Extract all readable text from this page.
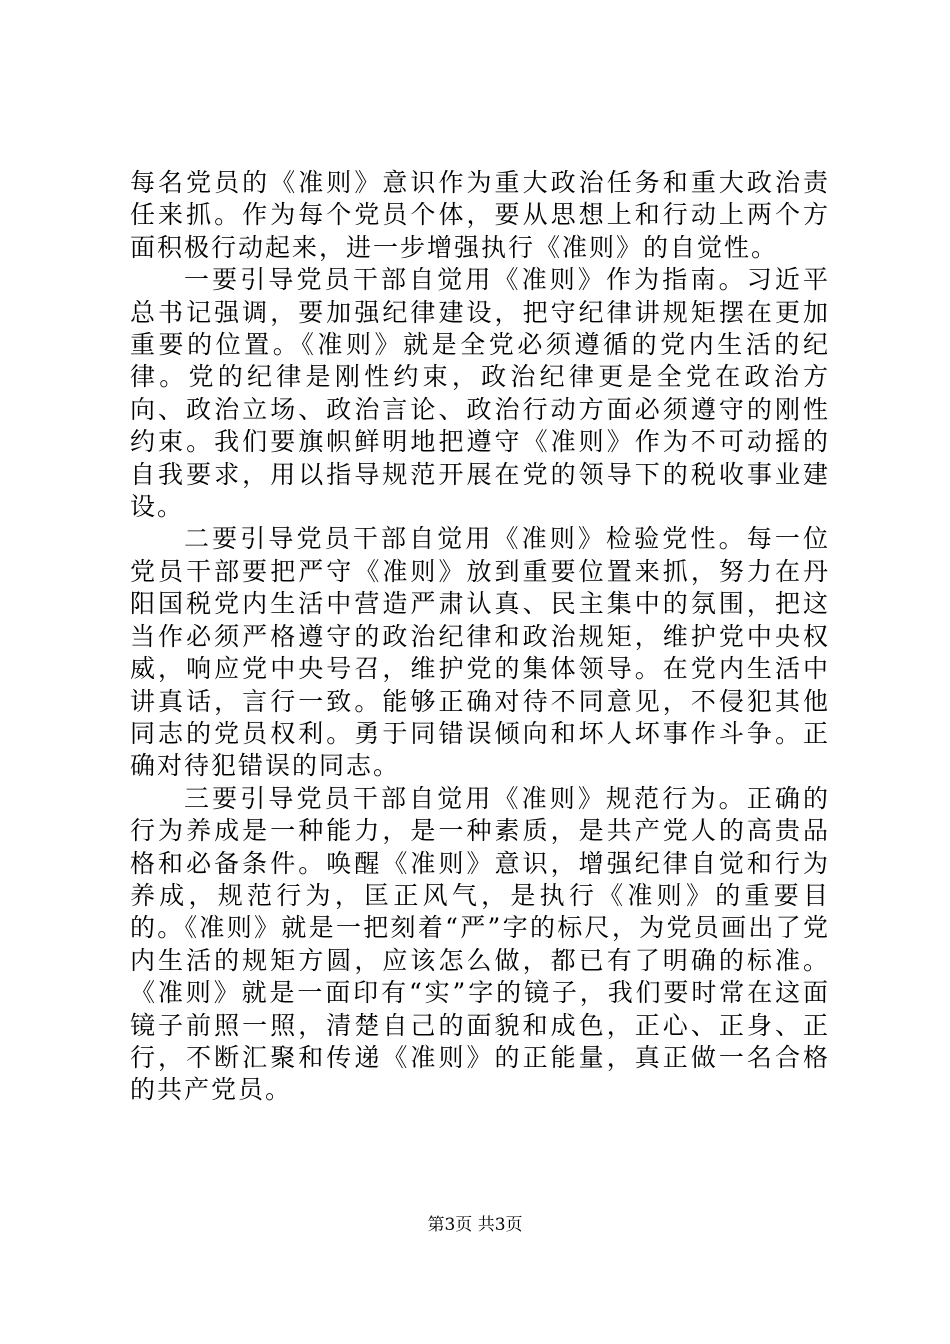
每名党员的《准则》意识作为重大政治任务和重大政治责任来抓。作为每个党员个体，要从思想上和行动上两个方面积极行动起来，进一步增强执行《准则》的自觉性。

一要引导党员干部自觉用《准则》作为指南。习近平总书记强调，要加强纪律建设，把守纪律讲规矩摆在更加重要的位置。《准则》就是全党必须遵循的党内生活的纪律。党的纪律是刚性约束，政治纪律更是全党在政治方向、政治立场、政治言论、政治行动方面必须遵守的刚性约束。我们要旗帜鲜明地把遵守《准则》作为不可动摇的自我要求，用以指导规范开展在党的领导下的税收事业建设。

二要引导党员干部自觉用《准则》检验党性。每一位党员干部要把严守《准则》放到重要位置来抓，努力在丹阳国税党内生活中营造严肃认真、民主集中的氛围，把这当作必须严格遵守的政治纪律和政治规矩，维护党中央权威，响应党中央号召，维护党的集体领导。在党内生活中讲真话，言行一致。能够正确对待不同意见，不侵犯其他同志的党员权利。勇于同错误倾向和坏人坏事作斗争。正确对待犯错误的同志。

三要引导党员干部自觉用《准则》规范行为。正确的行为养成是一种能力，是一种素质，是共产党人的高贵品格和必备条件。唤醒《准则》意识，增强纪律自觉和行为养成，规范行为，匡正风气，是执行《准则》的重要目的。《准则》就是一把刻着“严”字的标尺，为党员画出了党内生活的规矩方圆，应该怎么做，都已有了明确的标准。《准则》就是一面印有“实”字的镜子，我们要时常在这面镜子前照一照，清楚自己的面貌和成色，正心、正身、正行，不断汇聚和传递《准则》的正能量，真正做一名合格的共产党员。

第3页 共3页
